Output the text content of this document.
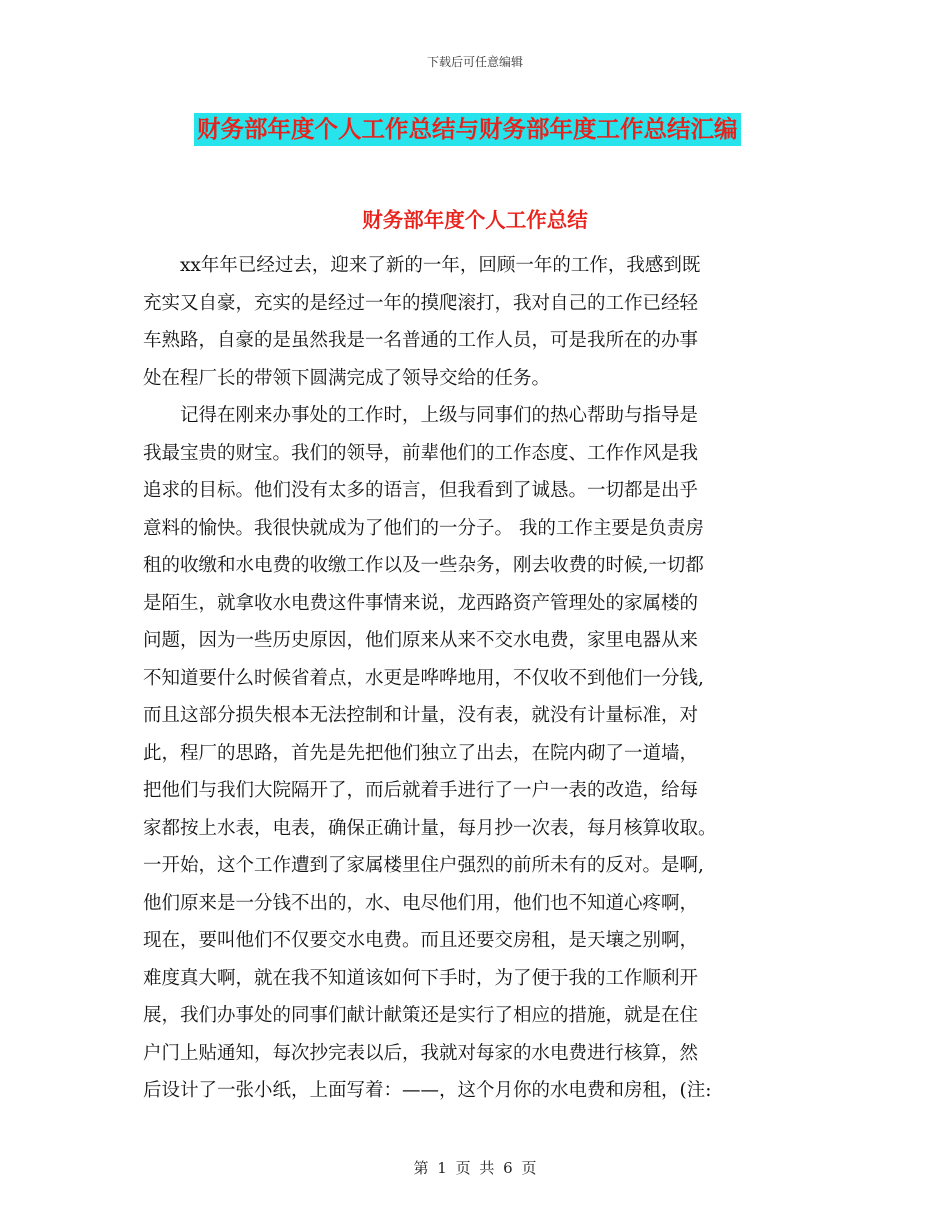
下载后可任意编辑
财务部年度个人工作总结与财务部年度工作总结汇编
财务部年度个人工作总结
　　xx年年已经过去，迎来了新的一年，回顾一年的工作，我感到既
充实又自豪，充实的是经过一年的摸爬滚打，我对自己的工作已经轻
车熟路，自豪的是虽然我是一名普通的工作人员，可是我所在的办事
处在程厂长的带领下圆满完成了领导交给的任务。
　　记得在刚来办事处的工作时，上级与同事们的热心帮助与指导是
我最宝贵的财宝。我们的领导，前辈他们的工作态度、工作作风是我
追求的目标。他们没有太多的语言，但我看到了诚恳。一切都是出乎
意料的愉快。我很快就成为了他们的一分子。 我的工作主要是负责房
租的收缴和水电费的收缴工作以及一些杂务，刚去收费的时候,一切都
是陌生，就拿收水电费这件事情来说，龙西路资产管理处的家属楼的
问题，因为一些历史原因，他们原来从来不交水电费，家里电器从来
不知道要什么时候省着点，水更是哗哗地用，不仅收不到他们一分钱,
而且这部分损失根本无法控制和计量，没有表，就没有计量标准，对
此，程厂的思路，首先是先把他们独立了出去，在院内砌了一道墙，
把他们与我们大院隔开了，而后就着手进行了一户一表的改造，给每
家都按上水表，电表，确保正确计量，每月抄一次表，每月核算收取。
一开始，这个工作遭到了家属楼里住户强烈的前所未有的反对。是啊,
他们原来是一分钱不出的，水、电尽他们用，他们也不知道心疼啊，
现在，要叫他们不仅要交水电费。而且还要交房租，是天壤之别啊，
难度真大啊，就在我不知道该如何下手时，为了便于我的工作顺利开
展，我们办事处的同事们献计献策还是实行了相应的措施，就是在住
户门上贴通知，每次抄完表以后，我就对每家的水电费进行核算，然
后设计了一张小纸，上面写着：——，这个月你的水电费和房租，(注:
第 1 页 共 6 页
